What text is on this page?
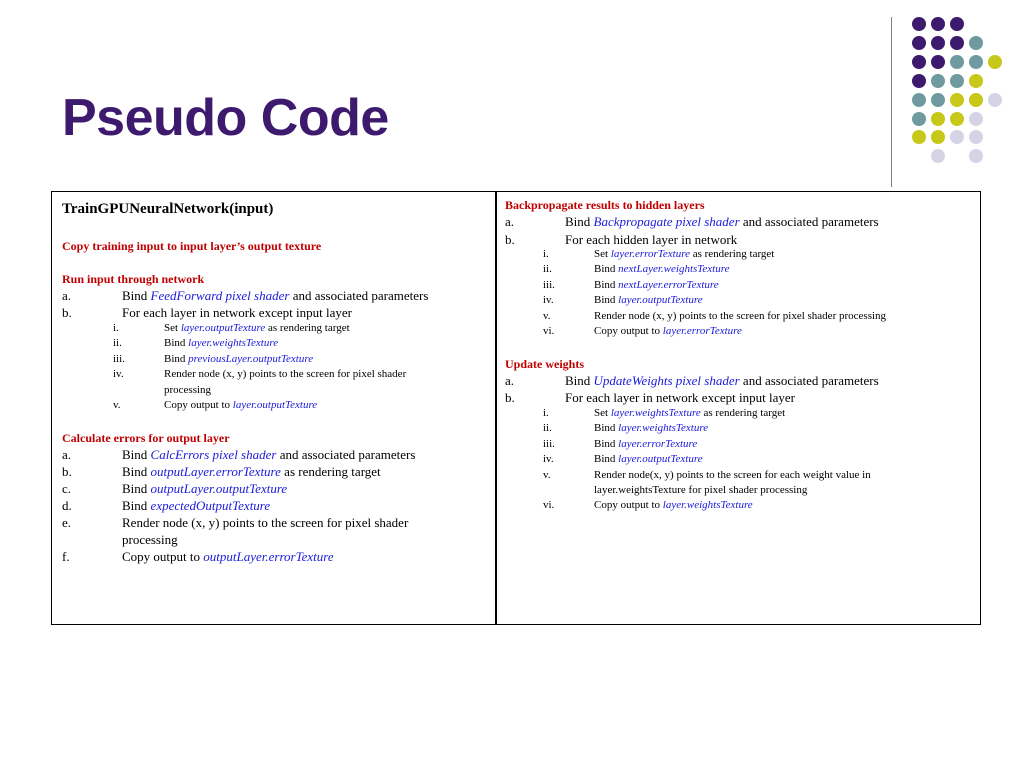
Pseudo Code
TrainGPUNeuralNetwork(input)
Copy training input to input layer’s output texture
Run input through network
a.	Bind FeedForward pixel shader and associated parameters
b.	For each layer in network except input layer
i.	Set layer.outputTexture as rendering target
ii.	Bind layer.weightsTexture
iii.	Bind previousLayer.outputTexture
iv.	Render node (x, y) points to the screen for pixel shader
processing
v.	Copy output to layer.outputTexture
Calculate errors for output layer
a.	Bind CalcErrors pixel shader and associated parameters
b.	Bind outputLayer.errorTexture as rendering target
c.	Bind outputLayer.outputTexture
d.	Bind expectedOutputTexture
e.	Render node (x, y) points to the screen for pixel shader
processing
f.	Copy output to outputLayer.errorTexture
Backpropagate results to hidden layers
a.	Bind Backpropagate pixel shader and associated parameters
b.	For each hidden layer in network
i.	Set layer.errorTexture as rendering target
ii.	Bind nextLayer.weightsTexture
iii.	Bind nextLayer.errorTexture
iv.	Bind layer.outputTexture
v.	Render node (x, y) points to the screen for pixel shader processing
vi.	Copy output to layer.errorTexture
Update weights
a.	Bind UpdateWeights pixel shader and associated parameters
b.	For each layer in network except input layer
i.	Set layer.weightsTexture as rendering target
ii.	Bind layer.weightsTexture
iii.	Bind layer.errorTexture
iv.	Bind layer.outputTexture
v.	Render node(x, y) points to the screen for each weight value in
layer.weightsTexture for pixel shader processing
vi.	Copy output to layer.weightsTexture
